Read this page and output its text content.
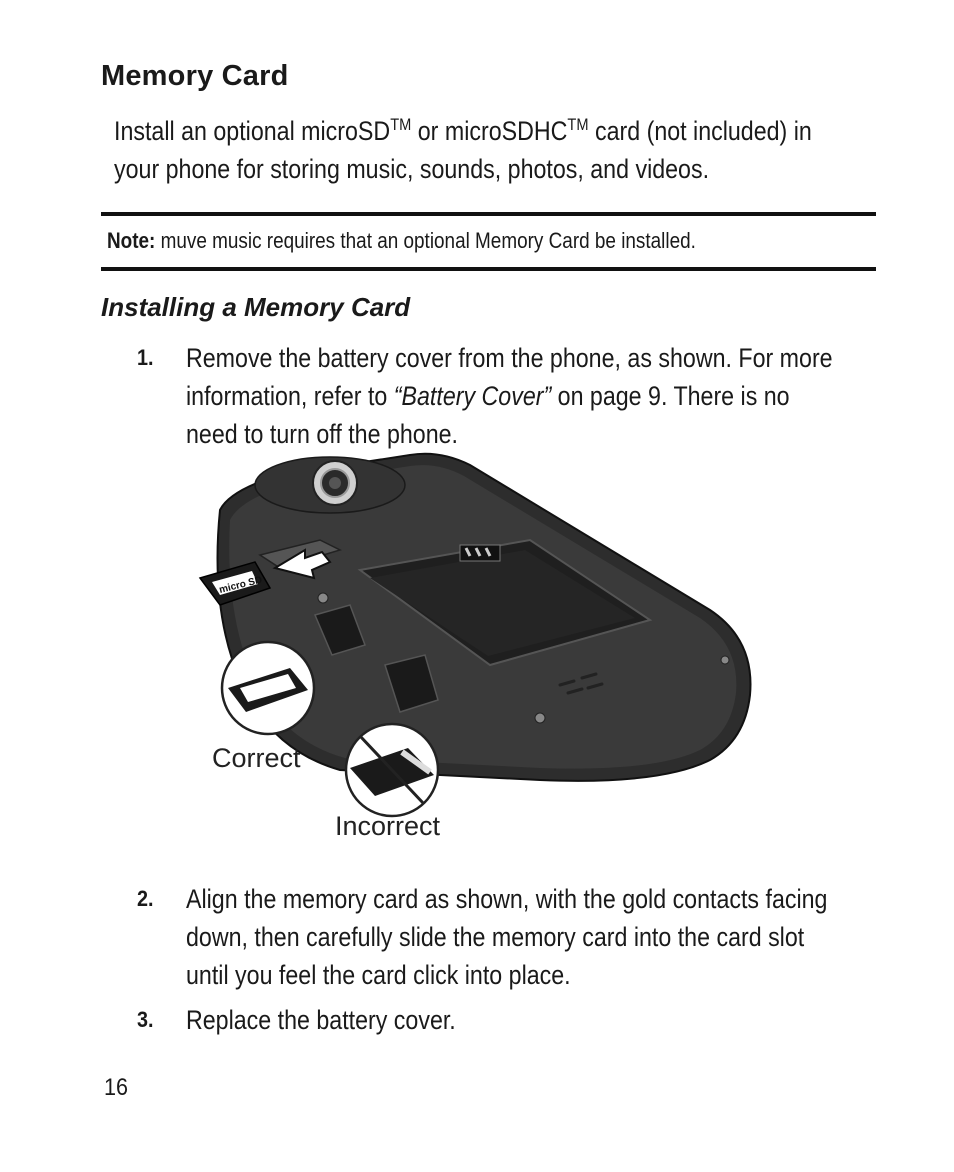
Memory Card
Install an optional microSD™ or microSDHC™ card (not included) in
your phone for storing music, sounds, photos, and videos.
Note: muve music requires that an optional Memory Card be installed.
Installing a Memory Card
1. Remove the battery cover from the phone, as shown. For more
information, refer to “Battery Cover” on page 9. There is no
need to turn off the phone.
micro SD
Correct
Incorrect
2. Align the memory card as shown, with the gold contacts facing
down, then carefully slide the memory card into the card slot
until you feel the card click into place.
3. Replace the battery cover.
16
